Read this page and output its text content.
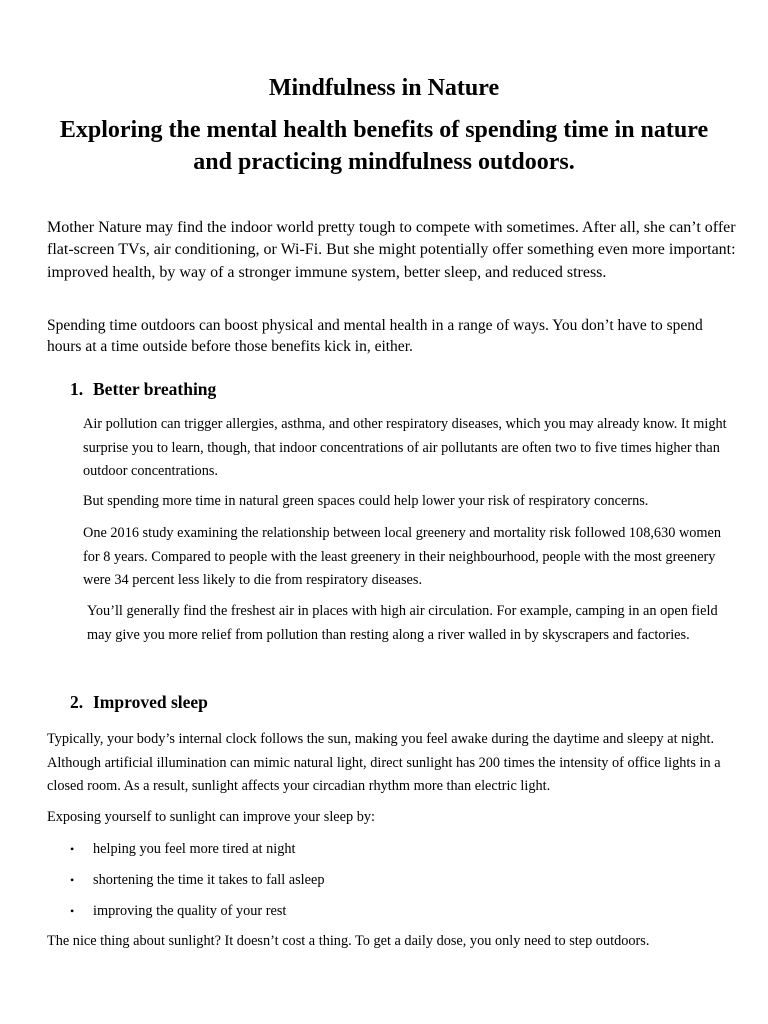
Mindfulness in Nature
Exploring the mental health benefits of spending time in nature and practicing mindfulness outdoors.

Mother Nature may find the indoor world pretty tough to compete with sometimes. After all, she can’t offer flat-screen TVs, air conditioning, or Wi-Fi. But she might potentially offer something even more important: improved health, by way of a stronger immune system, better sleep, and reduced stress.

Spending time outdoors can boost physical and mental health in a range of ways. You don’t have to spend hours at a time outside before those benefits kick in, either.

1. Better breathing

Air pollution can trigger allergies, asthma, and other respiratory diseases, which you may already know. It might surprise you to learn, though, that indoor concentrations of air pollutants are often two to five times higher than outdoor concentrations.

But spending more time in natural green spaces could help lower your risk of respiratory concerns.

One 2016 study examining the relationship between local greenery and mortality risk followed 108,630 women for 8 years. Compared to people with the least greenery in their neighbourhood, people with the most greenery were 34 percent less likely to die from respiratory diseases.

You’ll generally find the freshest air in places with high air circulation. For example, camping in an open field may give you more relief from pollution than resting along a river walled in by skyscrapers and factories.

2. Improved sleep

Typically, your body’s internal clock follows the sun, making you feel awake during the daytime and sleepy at night. Although artificial illumination can mimic natural light, direct sunlight has 200 times the intensity of office lights in a closed room. As a result, sunlight affects your circadian rhythm more than electric light.

Exposing yourself to sunlight can improve your sleep by:

• helping you feel more tired at night
• shortening the time it takes to fall asleep
• improving the quality of your rest

The nice thing about sunlight? It doesn’t cost a thing. To get a daily dose, you only need to step outdoors.
